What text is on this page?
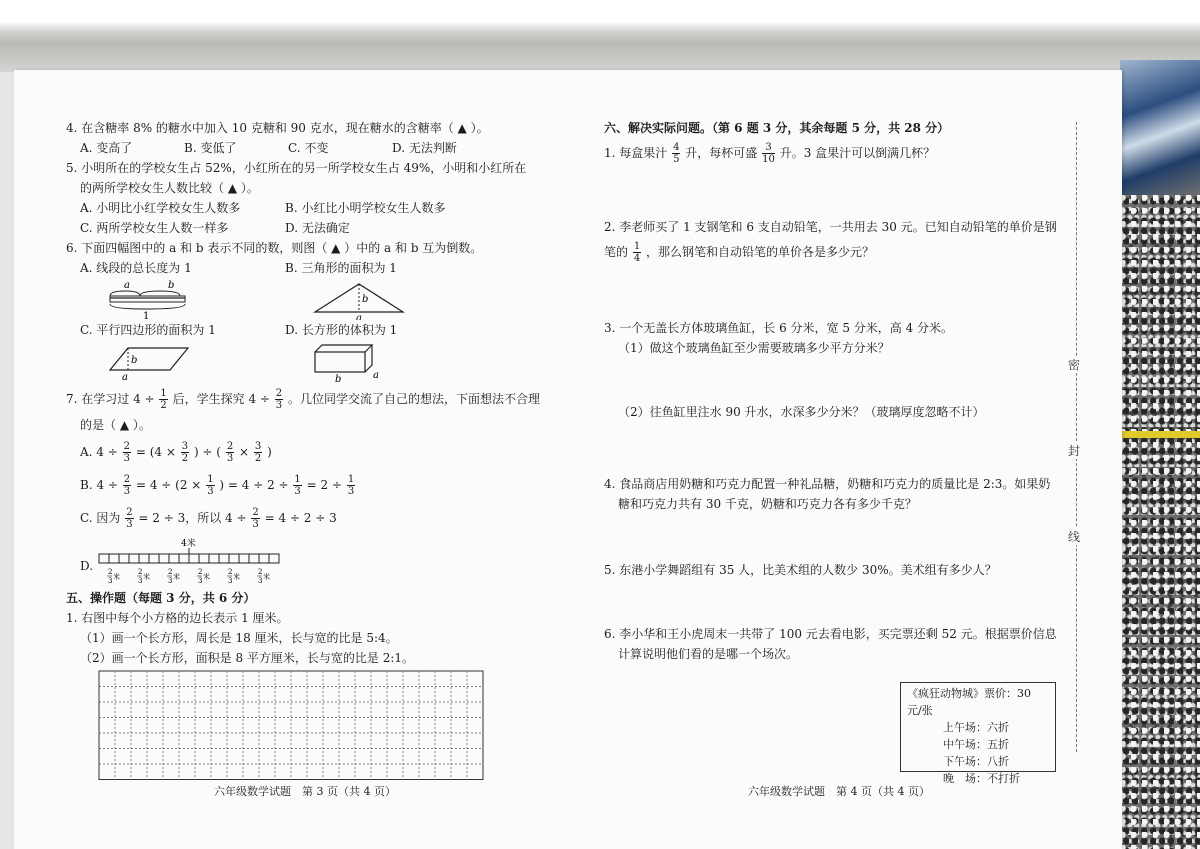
4. 在含糖率 8% 的糖水中加入 10 克糖和 90 克水，现在糖水的含糖率（ ▲ ）。
A. 变高了	B. 变低了	C. 不变	D. 无法判断
5. 小明所在的学校女生占 52%，小红所在的另一所学校女生占 49%，小明和小红所在
的两所学校女生人数比较（ ▲ ）。
A. 小明比小红学校女生人数多	B. 小红比小明学校女生人数多
C. 两所学校女生人数一样多	D. 无法确定
6. 下面四幅图中的 a 和 b 表示不同的数，则图（ ▲ ）中的 a 和 b 互为倒数。
A. 线段的总长度为 1	B. 三角形的面积为 1
a	b
1
b
a
C. 平行四边形的面积为 1	D. 长方形的体积为 1
b
a	b	a
7. 在学习过 $4 \div \frac{1}{2}$ 后，学生探究 $4 \div \frac{2}{3}$ 。几位同学交流了自己的想法，下面想法不合理
的是（ ▲ ）。
A. $4 \div \frac{2}{3} = (4 \times \frac{3}{2}$ ) ÷ ( $\frac{2}{3} \times \frac{3}{2}$ )
B. $4 \div \frac{2}{3} = 4 \div (2 \times \frac{1}{3}$ ) = $4 \div 2 \div \frac{1}{3} = 2 \div \frac{1}{3}$
C. 因为 $\frac{2}{3} = 2 \div 3$，所以 $4 \div \frac{2}{3} = 4 \div 2 \div 3$
D.
4米
2
3 米
2
3 米
2
3 米
2
3 米
2
3 米
2
3 米
五、操作题（每题 3 分，共 6 分）
1. 右图中每个小方格的边长表示 1 厘米。
（1）画一个长方形，周长是 18 厘米，长与宽的比是 5:4。
（2）画一个长方形，面积是 8 平方厘米，长与宽的比是 2:1。
六年级数学试题　第 3 页（共 4 页）
六、解决实际问题。（第 6 题 3 分，其余每题 5 分，共 28 分）
1. 每盒果汁 $\frac{4}{5}$ 升，每杯可盛 $\frac{3}{10}$ 升。3 盒果汁可以倒满几杯？
2. 李老师买了 1 支钢笔和 6 支自动铅笔，一共用去 30 元。已知自动铅笔的单价是钢
笔的 $\frac{1}{4}$ ，那么钢笔和自动铅笔的单价各是多少元？
3. 一个无盖长方体玻璃鱼缸，长 6 分米，宽 5 分米，高 4 分米。
（1）做这个玻璃鱼缸至少需要玻璃多少平方分米？
（2）往鱼缸里注水 90 升水，水深多少分米？（玻璃厚度忽略不计）
4. 食品商店用奶糖和巧克力配置一种礼品糖，奶糖和巧克力的质量比是 2:3。如果奶
糖和巧克力共有 30 千克，奶糖和巧克力各有多少千克？
5. 东港小学舞蹈组有 35 人，比美术组的人数少 30%。美术组有多少人？
6. 李小华和王小虎周末一共带了 100 元去看电影，买完票还剩 52 元。根据票价信息
计算说明他们看的是哪一个场次。
《疯狂动物城》票价：30 元/张
上午场：六折
中午场：五折
下午场：八折
晚　场：不打折
六年级数学试题　第 4 页（共 4 页）
密
封
线
